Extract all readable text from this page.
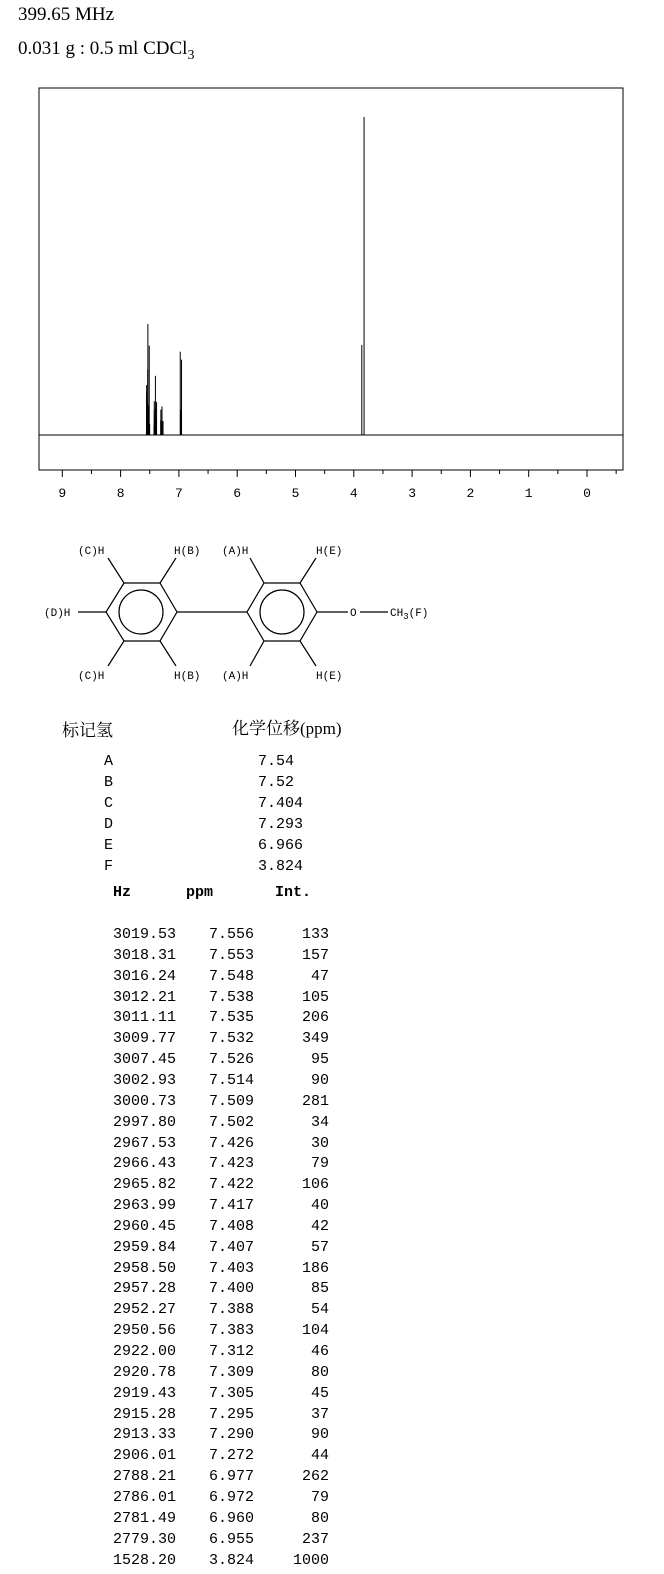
399.65 MHz
0.031 g : 0.5 ml CDCl$_3$
9	8	7	6	5	4	3	2	1	0
(C)H	H(B) (A)H	H(E)
(D)H	O	$CH_3(F)$
(C)H	H(B) (A)H	H(E)
标记氢	化学位移(ppm)
A	7.54
B	7.52
C	7.404
D	7.293
E	6.966
F	3.824
Hz	ppm	Int.
3019.53 7.556	133
3018.31 7.553	157
3016.24 7.548	47
3012.21 7.538	105
3011.11 7.535	206
3009.77 7.532	349
3007.45 7.526	95
3002.93 7.514	90
3000.73 7.509	281
2997.80 7.502	34
2967.53 7.426	30
2966.43 7.423	79
2965.82 7.422	106
2963.99 7.417	40
2960.45 7.408	42
2959.84 7.407	57
2958.50 7.403	186
2957.28 7.400	85
2952.27 7.388	54
2950.56 7.383	104
2922.00 7.312	46
2920.78 7.309	80
2919.43 7.305	45
2915.28 7.295	37
2913.33 7.290	90
2906.01 7.272	44
2788.21 6.977	262
2786.01 6.972	79
2781.49 6.960	80
2779.30 6.955	237
1528.20 3.824	1000
